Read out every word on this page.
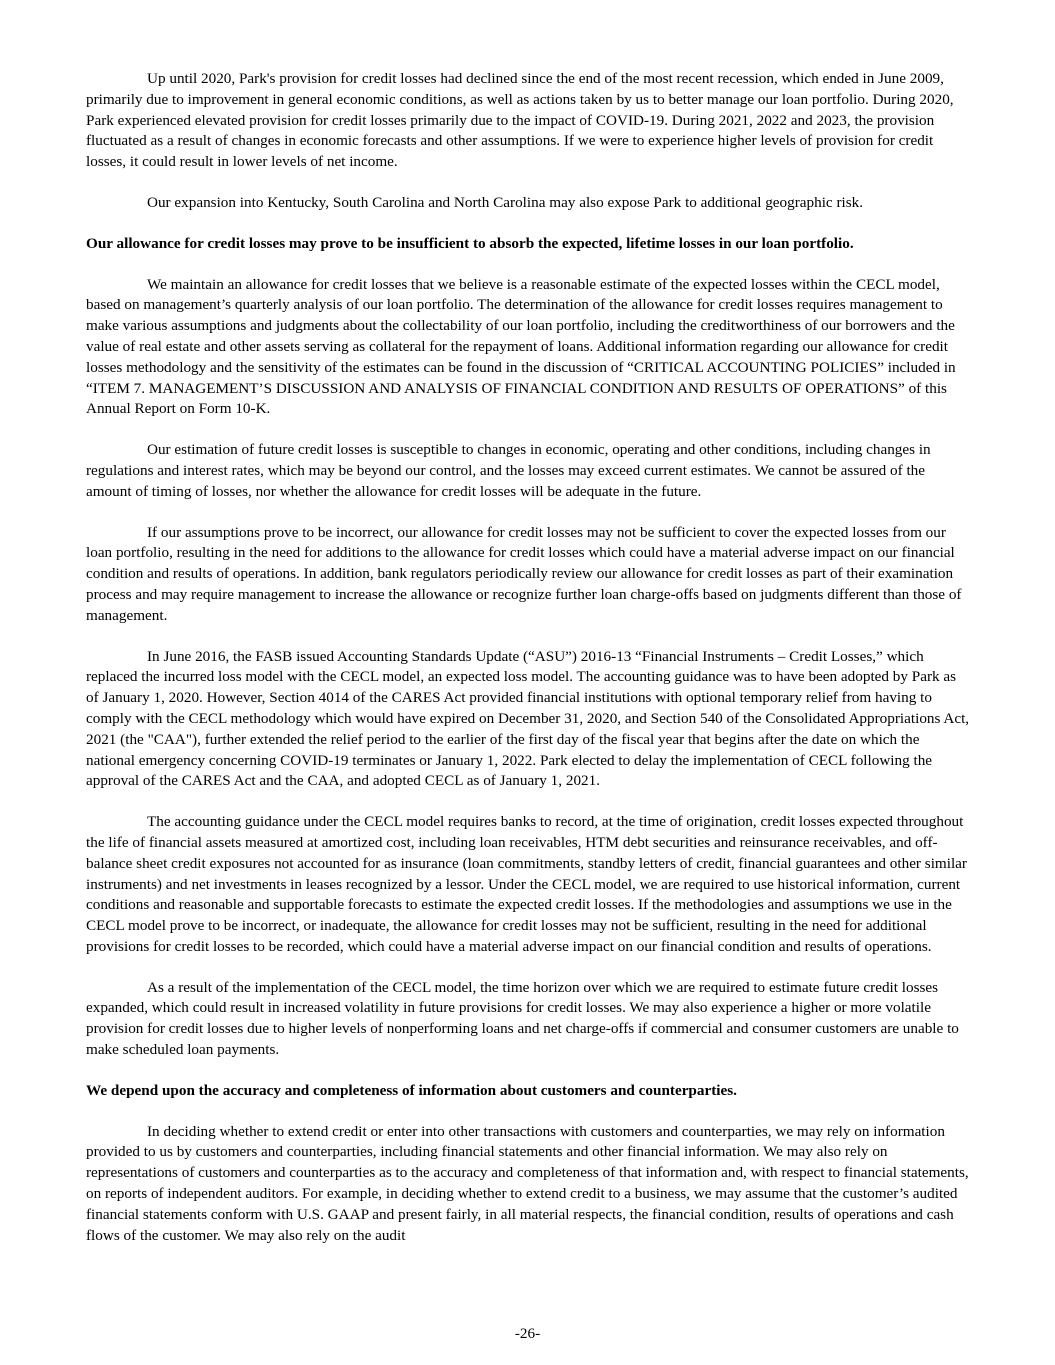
Up until 2020, Park's provision for credit losses had declined since the end of the most recent recession, which ended in June 2009, primarily due to improvement in general economic conditions, as well as actions taken by us to better manage our loan portfolio. During 2020, Park experienced elevated provision for credit losses primarily due to the impact of COVID-19. During 2021, 2022 and 2023, the provision fluctuated as a result of changes in economic forecasts and other assumptions. If we were to experience higher levels of provision for credit losses, it could result in lower levels of net income.

Our expansion into Kentucky, South Carolina and North Carolina may also expose Park to additional geographic risk.

Our allowance for credit losses may prove to be insufficient to absorb the expected, lifetime losses in our loan portfolio.

We maintain an allowance for credit losses that we believe is a reasonable estimate of the expected losses within the CECL model, based on management’s quarterly analysis of our loan portfolio. The determination of the allowance for credit losses requires management to make various assumptions and judgments about the collectability of our loan portfolio, including the creditworthiness of our borrowers and the value of real estate and other assets serving as collateral for the repayment of loans. Additional information regarding our allowance for credit losses methodology and the sensitivity of the estimates can be found in the discussion of “CRITICAL ACCOUNTING POLICIES” included in “ITEM 7. MANAGEMENT’S DISCUSSION AND ANALYSIS OF FINANCIAL CONDITION AND RESULTS OF OPERATIONS” of this Annual Report on Form 10-K.

Our estimation of future credit losses is susceptible to changes in economic, operating and other conditions, including changes in regulations and interest rates, which may be beyond our control, and the losses may exceed current estimates. We cannot be assured of the amount of timing of losses, nor whether the allowance for credit losses will be adequate in the future.

If our assumptions prove to be incorrect, our allowance for credit losses may not be sufficient to cover the expected losses from our loan portfolio, resulting in the need for additions to the allowance for credit losses which could have a material adverse impact on our financial condition and results of operations. In addition, bank regulators periodically review our allowance for credit losses as part of their examination process and may require management to increase the allowance or recognize further loan charge-offs based on judgments different than those of management.

In June 2016, the FASB issued Accounting Standards Update (“ASU”) 2016-13 “Financial Instruments – Credit Losses,” which replaced the incurred loss model with the CECL model, an expected loss model. The accounting guidance was to have been adopted by Park as of January 1, 2020. However, Section 4014 of the CARES Act provided financial institutions with optional temporary relief from having to comply with the CECL methodology which would have expired on December 31, 2020, and Section 540 of the Consolidated Appropriations Act, 2021 (the "CAA"), further extended the relief period to the earlier of the first day of the fiscal year that begins after the date on which the national emergency concerning COVID-19 terminates or January 1, 2022. Park elected to delay the implementation of CECL following the approval of the CARES Act and the CAA, and adopted CECL as of January 1, 2021.

The accounting guidance under the CECL model requires banks to record, at the time of origination, credit losses expected throughout the life of financial assets measured at amortized cost, including loan receivables, HTM debt securities and reinsurance receivables, and off-balance sheet credit exposures not accounted for as insurance (loan commitments, standby letters of credit, financial guarantees and other similar instruments) and net investments in leases recognized by a lessor. Under the CECL model, we are required to use historical information, current conditions and reasonable and supportable forecasts to estimate the expected credit losses. If the methodologies and assumptions we use in the CECL model prove to be incorrect, or inadequate, the allowance for credit losses may not be sufficient, resulting in the need for additional provisions for credit losses to be recorded, which could have a material adverse impact on our financial condition and results of operations.

As a result of the implementation of the CECL model, the time horizon over which we are required to estimate future credit losses expanded, which could result in increased volatility in future provisions for credit losses. We may also experience a higher or more volatile provision for credit losses due to higher levels of nonperforming loans and net charge-offs if commercial and consumer customers are unable to make scheduled loan payments.

We depend upon the accuracy and completeness of information about customers and counterparties.

In deciding whether to extend credit or enter into other transactions with customers and counterparties, we may rely on information provided to us by customers and counterparties, including financial statements and other financial information. We may also rely on representations of customers and counterparties as to the accuracy and completeness of that information and, with respect to financial statements, on reports of independent auditors. For example, in deciding whether to extend credit to a business, we may assume that the customer’s audited financial statements conform with U.S. GAAP and present fairly, in all material respects, the financial condition, results of operations and cash flows of the customer. We may also rely on the audit

-26-
